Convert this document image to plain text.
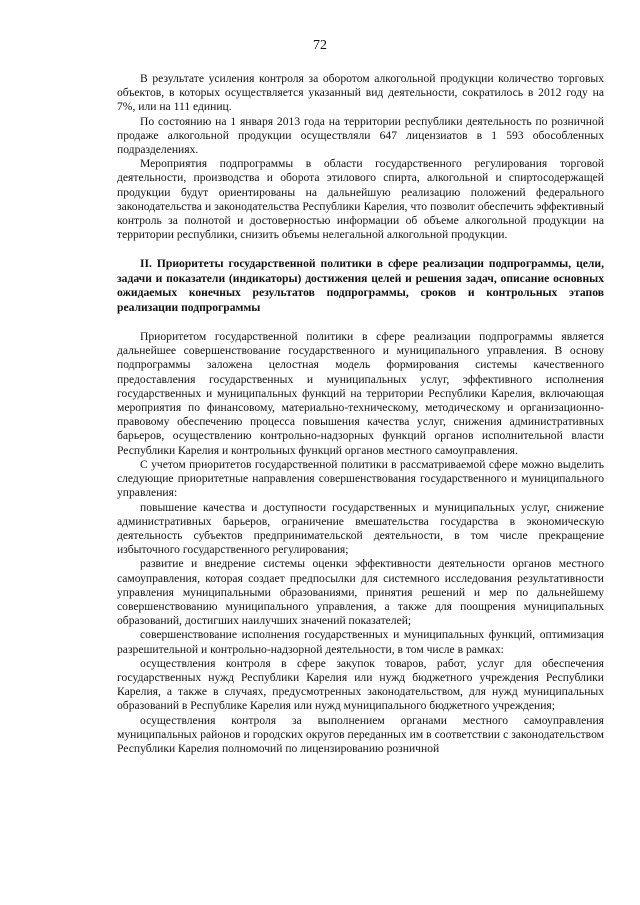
72

В результате усиления контроля за оборотом алкогольной продукции количество торговых объектов, в которых осуществляется указанный вид деятельности, сократилось в 2012 году на 7%, или на 111 единиц.

По состоянию на 1 января 2013 года на территории республики деятельность по розничной продаже алкогольной продукции осуществляли 647 лицензиатов в 1 593 обособленных подразделениях.

Мероприятия подпрограммы в области государственного регулирования торговой деятельности, производства и оборота этилового спирта, алкогольной и спиртосодержащей продукции будут ориентированы на дальнейшую реализацию положений федерального законодательства и законодательства Республики Карелия, что позволит обеспечить эффективный контроль за полнотой и достоверностью информации об объеме алкогольной продукции на территории республики, снизить объемы нелегальной алкогольной продукции.

II. Приоритеты государственной политики в сфере реализации подпрограммы, цели, задачи и показатели (индикаторы) достижения целей и решения задач, описание основных ожидаемых конечных результатов подпрограммы, сроков и контрольных этапов реализации подпрограммы

Приоритетом государственной политики в сфере реализации подпрограммы является дальнейшее совершенствование государственного и муниципального управления. В основу подпрограммы заложена целостная модель формирования системы качественного предоставления государственных и муниципальных услуг, эффективного исполнения государственных и муниципальных функций на территории Республики Карелия, включающая мероприятия по финансовому, материально-техническому, методическому и организационно-правовому обеспечению процесса повышения качества услуг, снижения административных барьеров, осуществлению контрольно-надзорных функций органов исполнительной власти Республики Карелия и контрольных функций органов местного самоуправления.

С учетом приоритетов государственной политики в рассматриваемой сфере можно выделить следующие приоритетные направления совершенствования государственного и муниципального управления:

повышение качества и доступности государственных и муниципальных услуг, снижение административных барьеров, ограничение вмешательства государства в экономическую деятельность субъектов предпринимательской деятельности, в том числе прекращение избыточного государственного регулирования;

развитие и внедрение системы оценки эффективности деятельности органов местного самоуправления, которая создает предпосылки для системного исследования результативности управления муниципальными образованиями, принятия решений и мер по дальнейшему совершенствованию муниципального управления, а также для поощрения муниципальных образований, достигших наилучших значений показателей;

совершенствование исполнения государственных и муниципальных функций, оптимизация разрешительной и контрольно-надзорной деятельности, в том числе в рамках:

осуществления контроля в сфере закупок товаров, работ, услуг для обеспечения государственных нужд Республики Карелия или нужд бюджетного учреждения Республики Карелия, а также в случаях, предусмотренных законодательством, для нужд муниципальных образований в Республике Карелия или нужд муниципального бюджетного учреждения;

осуществления контроля за выполнением органами местного самоуправления муниципальных районов и городских округов переданных им в соответствии с законодательством Республики Карелия полномочий по лицензированию розничной
